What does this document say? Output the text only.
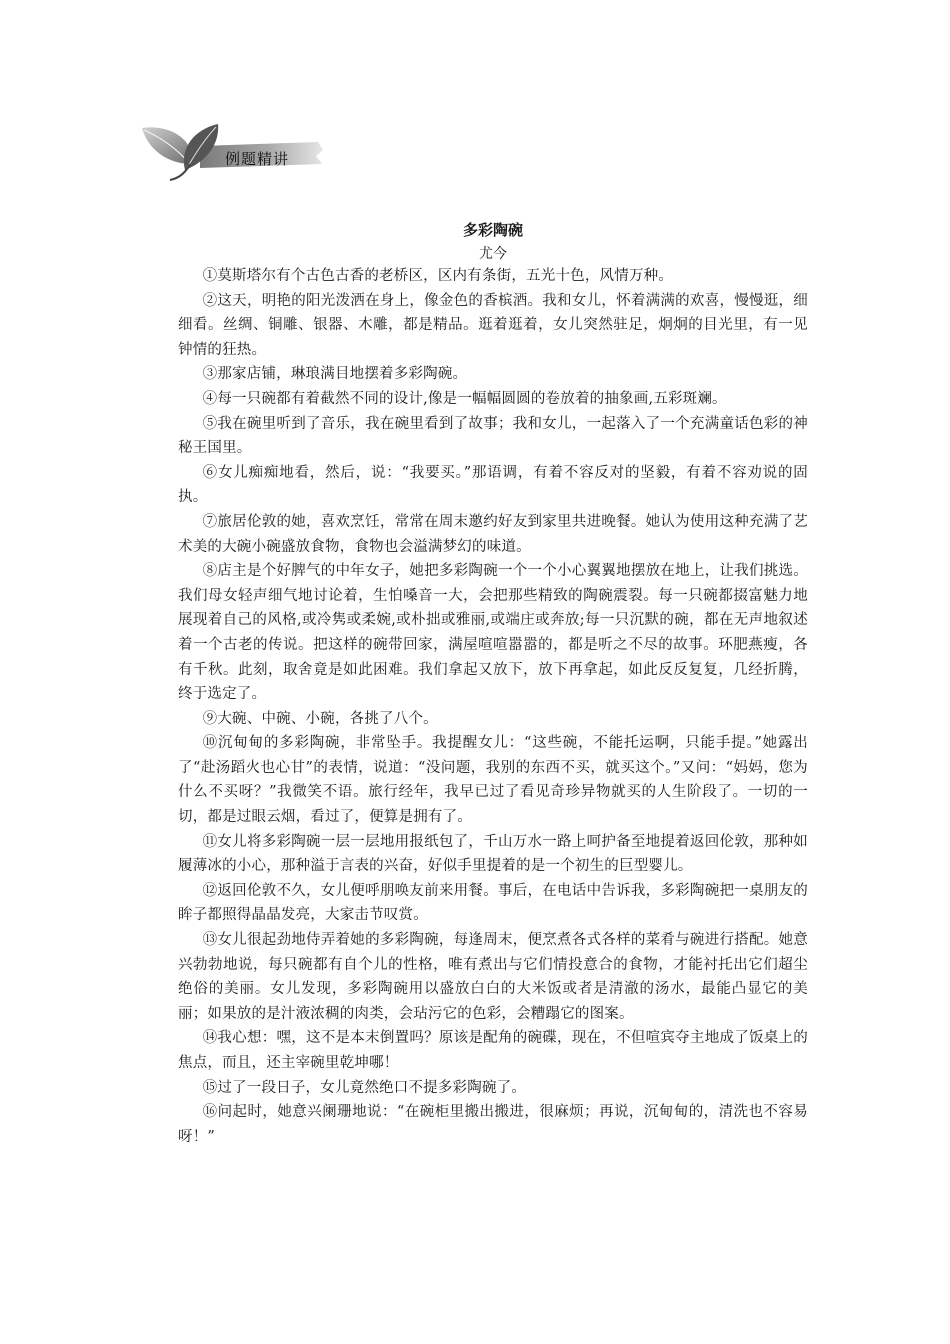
例题精讲

多彩陶碗

尤今

①莫斯塔尔有个古色古香的老桥区，区内有条街，五光十色，风情万种。

②这天，明艳的阳光泼洒在身上，像金色的香槟酒。我和女儿，怀着满满的欢喜，慢慢逛，细细看。丝绸、铜雕、银器、木雕，都是精品。逛着逛着，女儿突然驻足，炯炯的目光里，有一见钟情的狂热。

③那家店铺，琳琅满目地摆着多彩陶碗。

④每一只碗都有着截然不同的设计,像是一幅幅圆圆的卷放着的抽象画,五彩斑斓。

⑤我在碗里听到了音乐，我在碗里看到了故事；我和女儿，一起落入了一个充满童话色彩的神秘王国里。

⑥女儿痴痴地看，然后，说：“我要买。”那语调，有着不容反对的坚毅，有着不容劝说的固执。

⑦旅居伦敦的她，喜欢烹饪，常常在周末邀约好友到家里共进晚餐。她认为使用这种充满了艺术美的大碗小碗盛放食物，食物也会溢满梦幻的味道。

⑧店主是个好脾气的中年女子，她把多彩陶碗一个一个小心翼翼地摆放在地上，让我们挑选。我们母女轻声细气地讨论着，生怕嗓音一大，会把那些精致的陶碗震裂。每一只碗都掇富魅力地展现着自己的风格,或冷隽或柔婉,或朴拙或雅丽,或端庄或奔放;每一只沉默的碗，都在无声地叙述着一个古老的传说。把这样的碗带回家，满屋喧喧嚣嚣的，都是听之不尽的故事。环肥燕瘦，各有千秋。此刻，取舍竟是如此困难。我们拿起又放下，放下再拿起，如此反反复复，几经折腾，终于选定了。

⑨大碗、中碗、小碗，各挑了八个。

⑩沉甸甸的多彩陶碗，非常坠手。我提醒女儿：“这些碗，不能托运啊，只能手提。”她露出了“赴汤蹈火也心甘”的表情，说道：“没问题，我别的东西不买，就买这个。”又问：“妈妈，您为什么不买呀？”我微笑不语。旅行经年，我早已过了看见奇珍异物就买的人生阶段了。一切的一切，都是过眼云烟，看过了，便算是拥有了。

⑪女儿将多彩陶碗一层一层地用报纸包了，千山万水一路上呵护备至地提着返回伦敦，那种如履薄冰的小心，那种溢于言表的兴奋，好似手里提着的是一个初生的巨型婴儿。

⑫返回伦敦不久，女儿便呼朋唤友前来用餐。事后，在电话中告诉我，多彩陶碗把一桌朋友的眸子都照得晶晶发亮，大家击节叹赏。

⑬女儿很起劲地侍弄着她的多彩陶碗，每逢周末，便烹煮各式各样的菜肴与碗进行搭配。她意兴勃勃地说，每只碗都有自个儿的性格，唯有煮出与它们情投意合的食物，才能衬托出它们超尘绝俗的美丽。女儿发现，多彩陶碗用以盛放白白的大米饭或者是清澈的汤水，最能凸显它的美丽；如果放的是汁液浓稠的肉类，会玷污它的色彩，会糟蹋它的图案。

⑭我心想：嘿，这不是本末倒置吗？原该是配角的碗碟，现在，不但喧宾夺主地成了饭桌上的焦点，而且，还主宰碗里乾坤哪！

⑮过了一段日子，女儿竟然绝口不提多彩陶碗了。

⑯问起时，她意兴阑珊地说：“在碗柜里搬出搬进，很麻烦；再说，沉甸甸的，清洗也不容易呀！”
